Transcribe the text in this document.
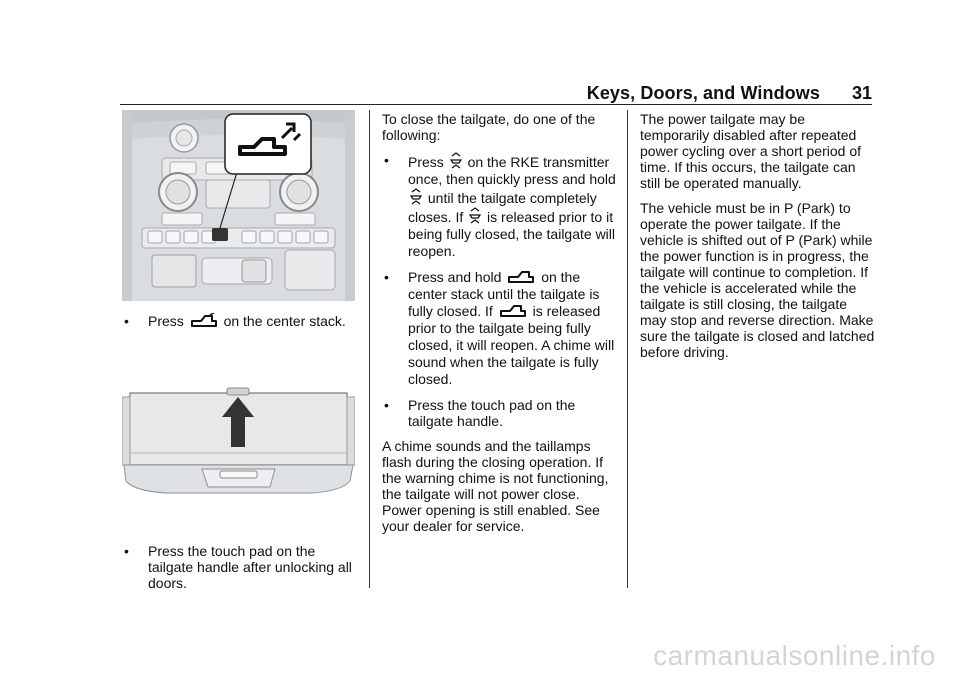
Keys, Doors, and Windows 31
•	Press	on the center stack.
•	Press the touch pad on the tailgate handle after unlocking all doors.

To close the tailgate, do one of the following:

•	Press on the RKE transmitter once, then quickly press and hold  until the tailgate completely closes. If is released prior to it being fully closed, the tailgate will reopen.
•	Press and hold	on the center stack until the tailgate is fully closed. If	is released prior to the tailgate being fully closed, it will reopen. A chime will sound when the tailgate is fully closed.
•	Press the touch pad on the tailgate handle.

A chime sounds and the taillamps flash during the closing operation. If the warning chime is not functioning, the tailgate will not power close. Power opening is still enabled. See your dealer for service.

The power tailgate may be temporarily disabled after repeated power cycling over a short period of time. If this occurs, the tailgate can still be operated manually.

The vehicle must be in P (Park) to operate the power tailgate. If the vehicle is shifted out of P (Park) while the power function is in progress, the tailgate will continue to completion. If the vehicle is accelerated while the tailgate is still closing, the tailgate may stop and reverse direction. Make sure the tailgate is closed and latched before driving.

carmanualsonline.info
